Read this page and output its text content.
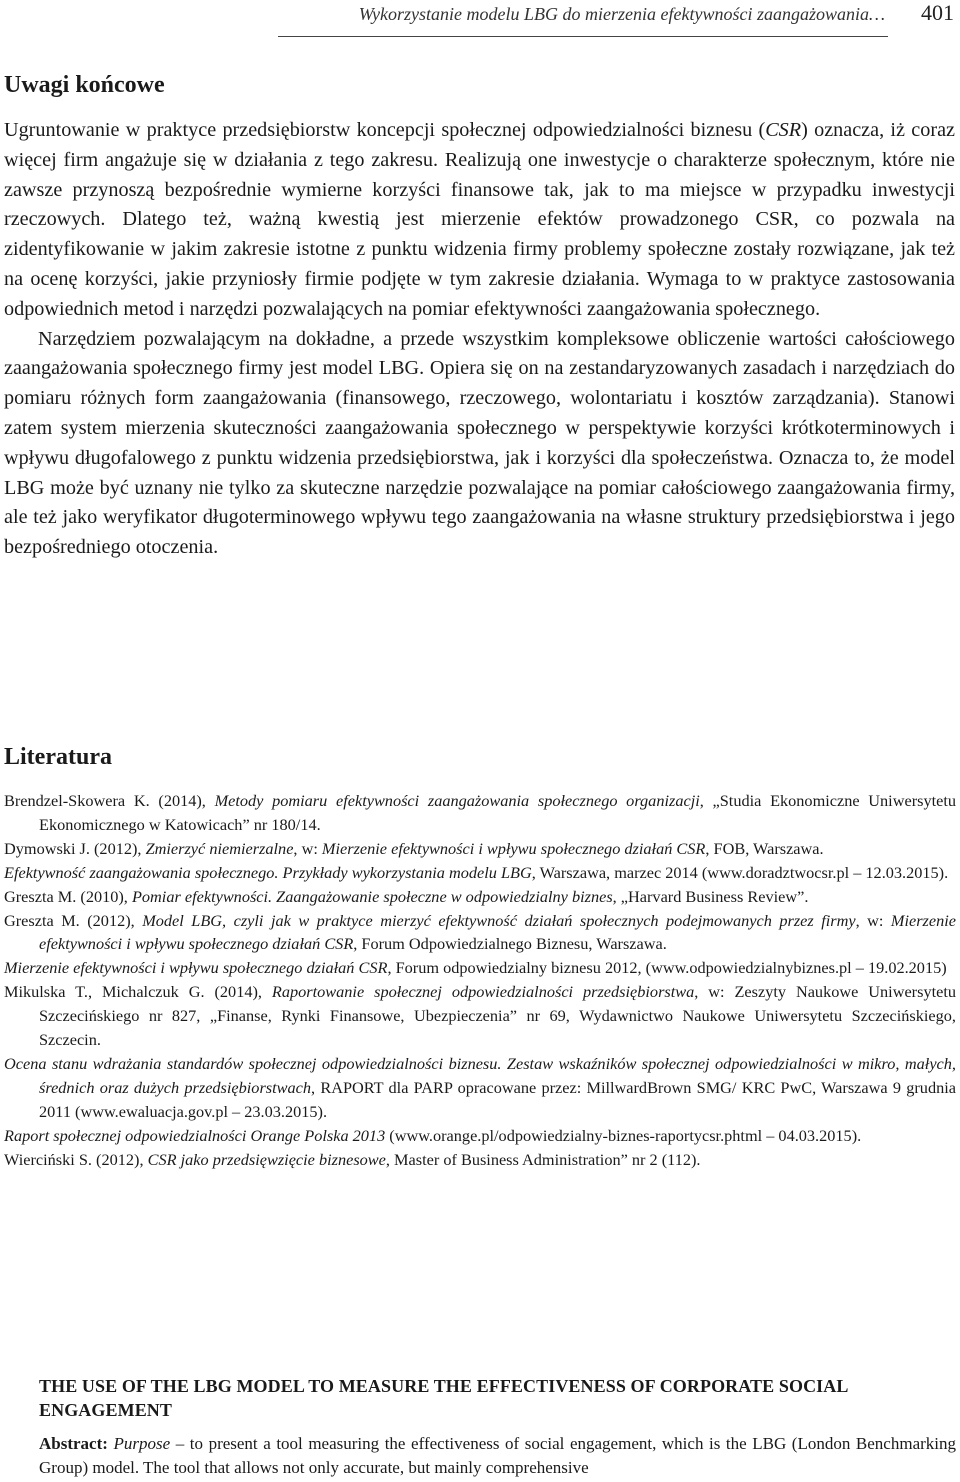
Wykorzystanie modelu LBG do mierzenia efektywności zaangażowania… 401
Uwagi końcowe

Ugruntowanie w praktyce przedsiębiorstw koncepcji społecznej odpowiedzialności biznesu (CSR) oznacza, iż coraz więcej firm angażuje się w działania z tego zakresu. Realizują one inwestycje o charakterze społecznym, które nie zawsze przynoszą bezpośrednie wymierne korzyści finansowe tak, jak to ma miejsce w przypadku inwestycji rzeczowych. Dlatego też, ważną kwestią jest mierzenie efektów prowadzonego CSR, co pozwala na zidentyfikowanie w jakim zakresie istotne z punktu widzenia firmy problemy społeczne zostały rozwiązane, jak też na ocenę korzyści, jakie przyniosły firmie podjęte w tym zakresie działania. Wymaga to w praktyce zastosowania odpowiednich metod i narzędzi pozwalających na pomiar efektywności zaangażowania społecznego.

Narzędziem pozwalającym na dokładne, a przede wszystkim kompleksowe obliczenie wartości całościowego zaangażowania społecznego firmy jest model LBG. Opiera się on na zestandaryzowanych zasadach i narzędziach do pomiaru różnych form zaangażowania (finansowego, rzeczowego, wolontariatu i kosztów zarządzania). Stanowi zatem system mierzenia skuteczności zaangażowania społecznego w perspektywie korzyści krótkoterminowych i wpływu długofalowego z punktu widzenia przedsiębiorstwa, jak i korzyści dla społeczeństwa. Oznacza to, że model LBG może być uznany nie tylko za skuteczne narzędzie pozwalające na pomiar całościowego zaangażowania firmy, ale też jako weryfikator długoterminowego wpływu tego zaangażowania na własne struktury przedsiębiorstwa i jego bezpośredniego otoczenia.

Literatura

Brendzel-Skowera K. (2014), Metody pomiaru efektywności zaangażowania społecznego organizacji, „Studia Ekonomiczne Uniwersytetu Ekonomicznego w Katowicach” nr 180/14.

Dymowski J. (2012), Zmierzyć niemierzalne, w: Mierzenie efektywności i wpływu społecznego działań CSR, FOB, Warszawa.

Efektywność zaangażowania społecznego. Przykłady wykorzystania modelu LBG, Warszawa, marzec 2014 (www.doradztwocsr.pl – 12.03.2015).

Greszta M. (2010), Pomiar efektywności. Zaangażowanie społeczne w odpowiedzialny biznes, „Harvard Business Review”.

Greszta M. (2012), Model LBG, czyli jak w praktyce mierzyć efektywność działań społecznych podejmowanych przez firmy, w: Mierzenie efektywności i wpływu społecznego działań CSR, Forum Odpowiedzialnego Biznesu, Warszawa.

Mierzenie efektywności i wpływu społecznego działań CSR, Forum odpowiedzialny biznesu 2012, (www.odpowiedzialnybiznes.pl – 19.02.2015)

Mikulska T., Michalczuk G. (2014), Raportowanie społecznej odpowiedzialności przedsiębiorstwa, w: Zeszyty Naukowe Uniwersytetu Szczecińskiego nr 827, „Finanse, Rynki Finansowe, Ubezpieczenia” nr 69, Wydawnictwo Naukowe Uniwersytetu Szczecińskiego, Szczecin.

Ocena stanu wdrażania standardów społecznej odpowiedzialności biznesu. Zestaw wskaźników społecznej odpowiedzialności w mikro, małych, średnich oraz dużych przedsiębiorstwach, RAPORT dla PARP opracowane przez: MillwardBrown SMG/ KRC PwC, Warszawa 9 grudnia 2011 (www.ewaluacja.gov.pl – 23.03.2015).

Raport społecznej odpowiedzialności Orange Polska 2013 (www.orange.pl/odpowiedzialny-biznes-raportycsr.phtml – 04.03.2015).

Wierciński S. (2012), CSR jako przedsięwzięcie biznesowe, Master of Business Administration” nr 2 (112).

THE USE OF THE LBG MODEL TO MEASURE THE EFFECTIVENESS OF CORPORATE SOCIAL ENGAGEMENT

Abstract: Purpose – to present a tool measuring the effectiveness of social engagement, which is the LBG (London Benchmarking Group) model. The tool that allows not only accurate, but mainly comprehensive
